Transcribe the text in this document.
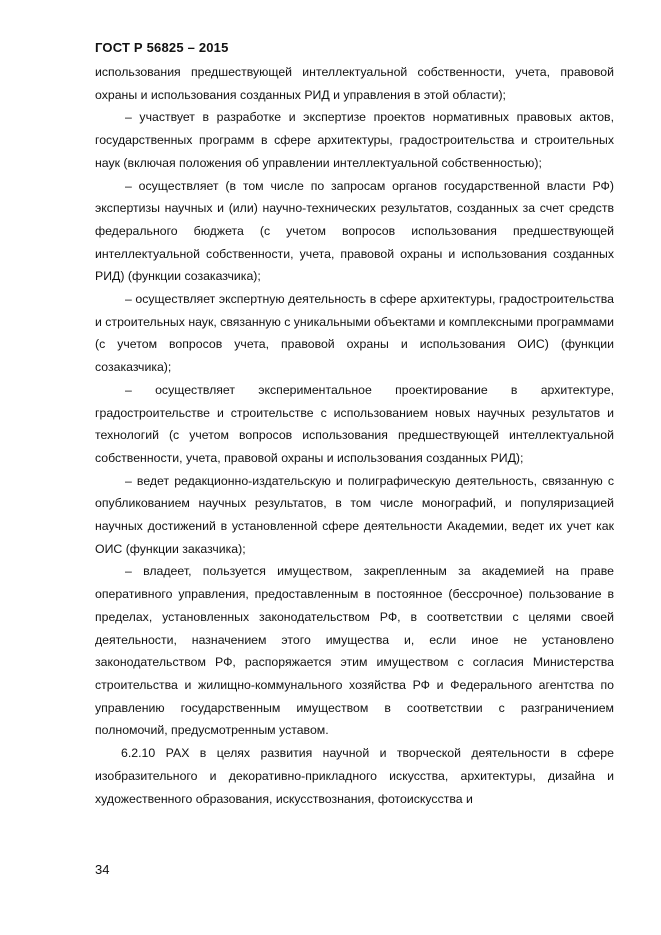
ГОСТ Р 56825 – 2015

использования предшествующей интеллектуальной собственности, учета, правовой охраны и использования созданных РИД и управления в этой области);

– участвует в разработке и экспертизе проектов нормативных правовых актов, государственных программ в сфере архитектуры, градостроительства и строительных наук (включая положения об управлении интеллектуальной собственностью);

– осуществляет (в том числе по запросам органов государственной власти РФ) экспертизы научных и (или) научно-технических результатов, созданных за счет средств федерального бюджета (с учетом вопросов использования предшествующей интеллектуальной собственности, учета, правовой охраны и использования созданных РИД) (функции созаказчика);

– осуществляет экспертную деятельность в сфере архитектуры, градостроительства и строительных наук, связанную с уникальными объектами и комплексными программами (с учетом вопросов учета, правовой охраны и использования ОИС) (функции созаказчика);

– осуществляет экспериментальное проектирование в архитектуре, градостроительстве и строительстве с использованием новых научных результатов и технологий (с учетом вопросов использования предшествующей интеллектуальной собственности, учета, правовой охраны и использования созданных РИД);

– ведет редакционно-издательскую и полиграфическую деятельность, связанную с опубликованием научных результатов, в том числе монографий, и популяризацией научных достижений в установленной сфере деятельности Академии, ведет их учет как ОИС (функции заказчика);

– владеет, пользуется имуществом, закрепленным за академией на праве оперативного управления, предоставленным в постоянное (бессрочное) пользование в пределах, установленных законодательством РФ, в соответствии с целями своей деятельности, назначением этого имущества и, если иное не установлено законодательством РФ, распоряжается этим имуществом с согласия Министерства строительства и жилищно-коммунального хозяйства РФ и Федерального агентства по управлению государственным имуществом в соответствии с разграничением полномочий, предусмотренным уставом.

6.2.10 РАХ в целях развития научной и творческой деятельности в сфере изобразительного и декоративно-прикладного искусства, архитектуры, дизайна и художественного образования, искусствознания, фотоискусства и

34
